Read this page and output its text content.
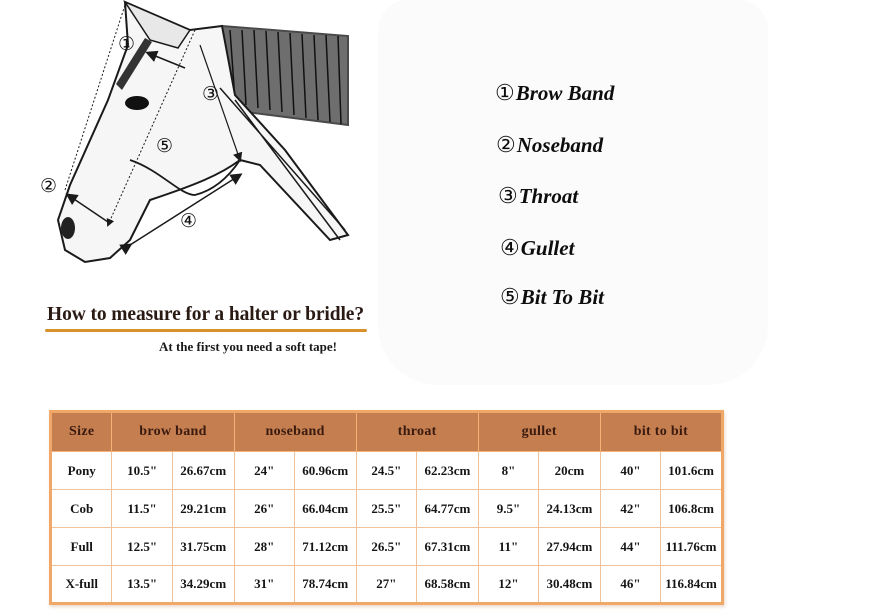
①
②
③
④
⑤
①Brow Band
②Noseband
③Throat
④Gullet
⑤Bit To Bit
How to measure for a halter or bridle?
At the first you need a soft tape!
Size	brow band		noseband		throat		gullet		bit to bit	
Pony	10.5"	26.67cm	24"	60.96cm	24.5"	62.23cm	8"	20cm	40"	101.6cm
Cob	11.5"	29.21cm	26"	66.04cm	25.5"	64.77cm	9.5"	24.13cm	42"	106.8cm
Full	12.5"	31.75cm	28"	71.12cm	26.5"	67.31cm	11"	27.94cm	44"	111.76cm
X-full	13.5"	34.29cm	31"	78.74cm	27"	68.58cm	12"	30.48cm	46"	116.84cm
